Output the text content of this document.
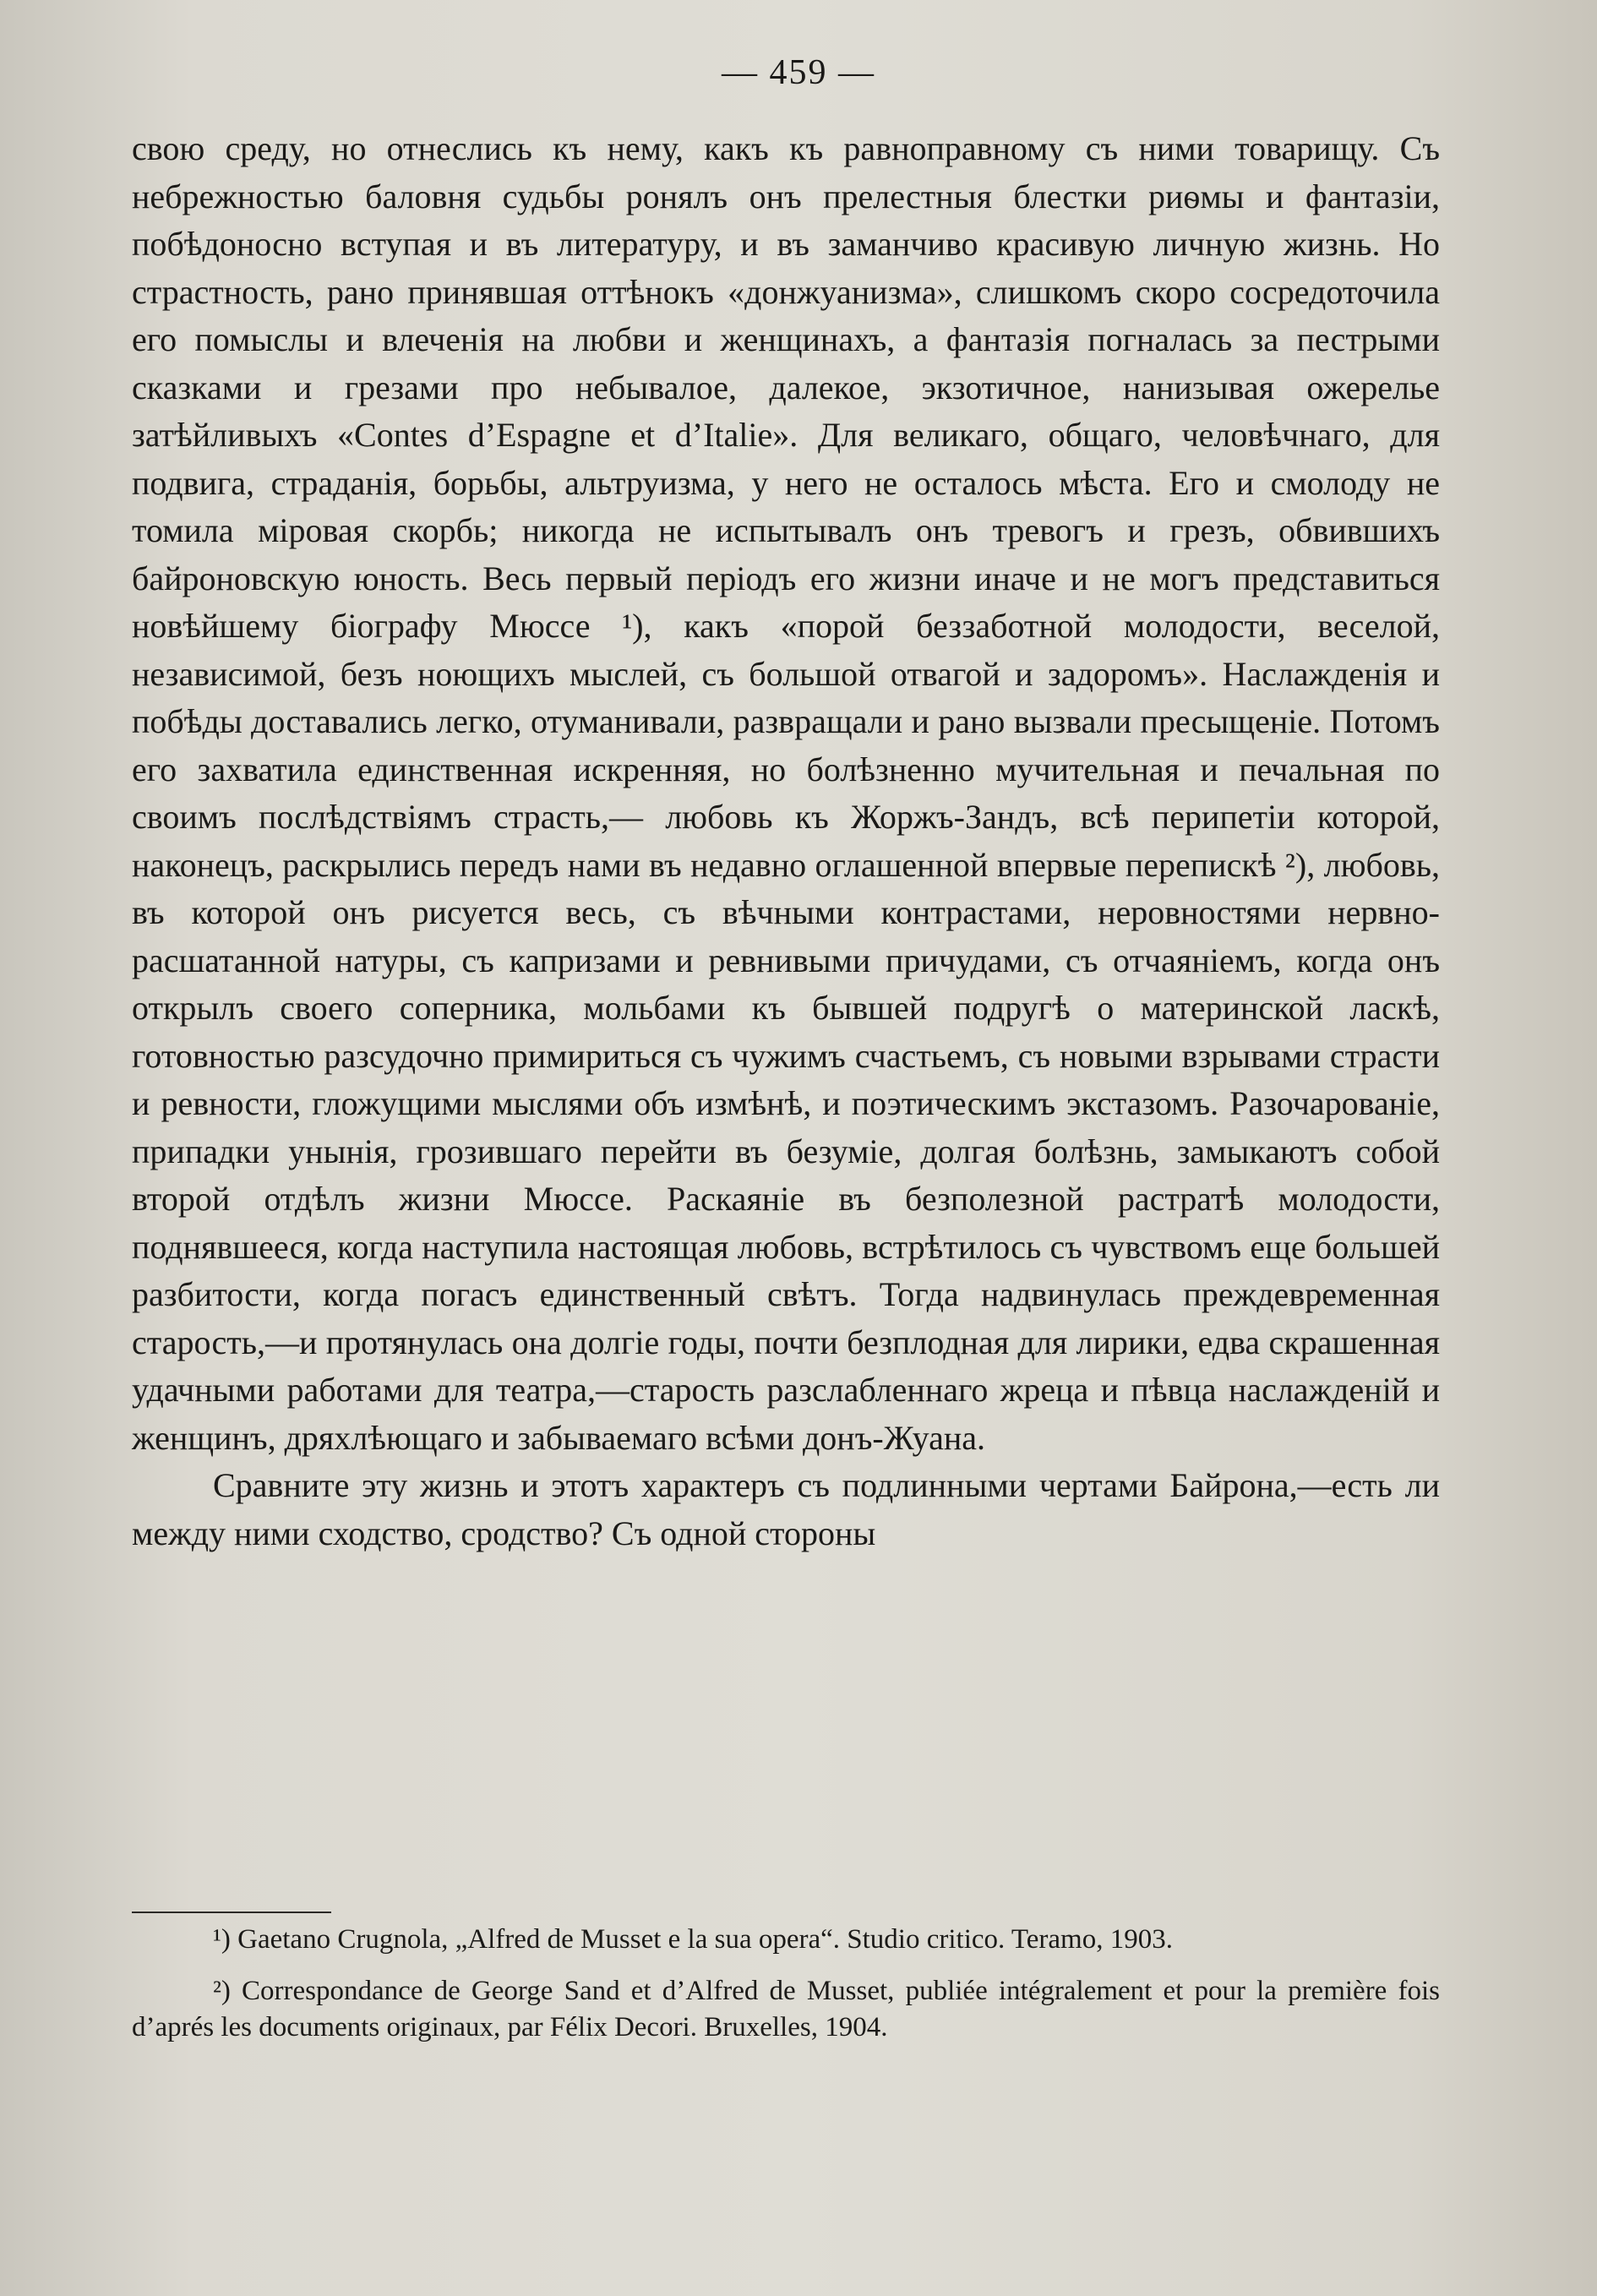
— 459 —

свою среду, но отнеслись къ нему, какъ къ равноправному съ ними товарищу. Съ небрежностью баловня судьбы ронялъ онъ прелестныя блестки риѳмы и фантазіи, побѣдоносно вступая и въ литературу, и въ заманчиво красивую личную жизнь. Но страстность, рано принявшая оттѣнокъ «донжуанизма», слишкомъ скоро сосредоточила его помыслы и влеченія на любви и женщинахъ, а фантазія погналась за пестрыми сказками и грезами про небывалое, далекое, экзотичное, нанизывая ожерелье затѣйливыхъ «Contes d’Espagne et d’Italie». Для великаго, общаго, человѣчнаго, для подвига, страданія, борьбы, альтруизма, у него не осталось мѣста. Его и смолоду не томила міровая скорбь; никогда не испытывалъ онъ тревогъ и грезъ, обвившихъ байроновскую юность. Весь первый періодъ его жизни иначе и не могъ представиться новѣйшему біографу Мюссе ¹), какъ «порой беззаботной молодости, веселой, независимой, безъ ноющихъ мыслей, съ большой отвагой и задоромъ». Наслажденія и побѣды доставались легко, отуманивали, развращали и рано вызвали пресыщеніе. Потомъ его захватила единственная искренняя, но болѣзненно мучительная и печальная по своимъ послѣдствіямъ страсть,— любовь къ Жоржъ-Зандъ, всѣ перипетіи которой, наконецъ, раскрылись передъ нами въ недавно оглашенной впервые перепискѣ ²), любовь, въ которой онъ рисуется весь, съ вѣчными контрастами, неровностями нервно-расшатанной натуры, съ капризами и ревнивыми причудами, съ отчаяніемъ, когда онъ открылъ своего соперника, мольбами къ бывшей подругѣ о материнской ласкѣ, готовностью разсудочно примириться съ чужимъ счастьемъ, съ новыми взрывами страсти и ревности, гложущими мыслями объ измѣнѣ, и поэтическимъ экстазомъ. Разочарованіе, припадки унынія, грозившаго перейти въ безуміе, долгая болѣзнь, замыкаютъ собой второй отдѣлъ жизни Мюссе. Раскаяніе въ безполезной растратѣ молодости, поднявшееся, когда наступила настоящая любовь, встрѣтилось съ чувствомъ еще большей разбитости, когда погасъ единственный свѣтъ. Тогда надвинулась преждевременная старость,—и протянулась она долгіе годы, почти безплодная для лирики, едва скрашенная удачными работами для театра,—старость разслабленнаго жреца и пѣвца наслажденій и женщинъ, дряхлѣющаго и забываемаго всѣми донъ-Жуана.

Сравните эту жизнь и этотъ характеръ съ подлинными чертами Байрона,—есть ли между ними сходство, сродство? Съ одной стороны

¹) Gaetano Crugnola, „Alfred de Musset e la sua opera“. Studio critico. Teramo, 1903.

²) Correspondance de George Sand et d’Alfred de Musset, publiée intégralement et pour la première fois d’aprés les documents originaux, par Félix Decori. Bruxelles, 1904.
